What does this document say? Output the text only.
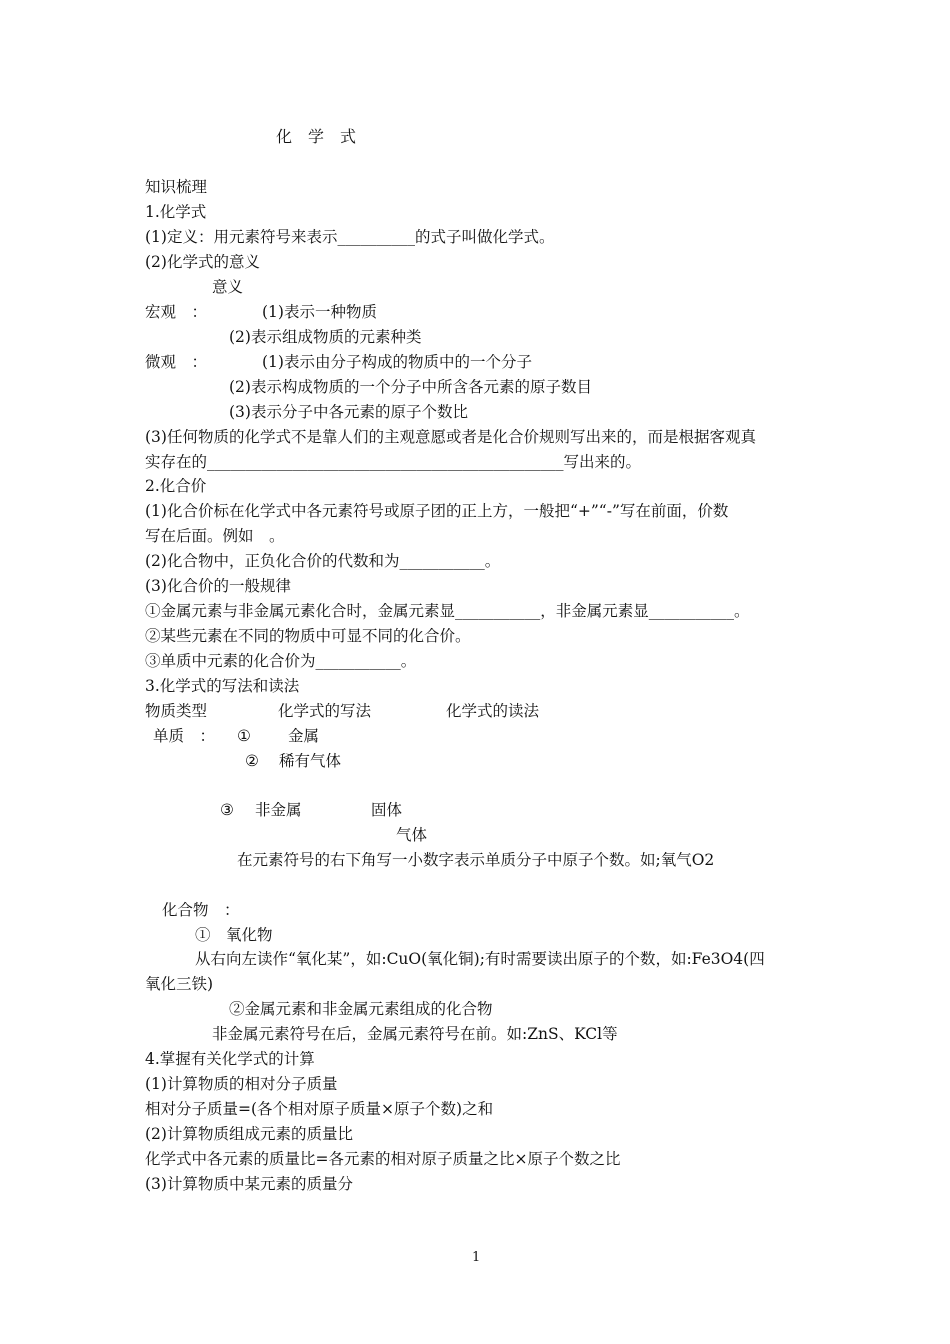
化　学　式
知识梳理
1.化学式
(1)定义：用元素符号来表示__________的式子叫做化学式。
(2)化学式的意义
意义
宏观　：	(1)表示一种物质
(2)表示组成物质的元素种类
微观　：	(1)表示由分子构成的物质中的一个分子
(2)表示构成物质的一个分子中所含各元素的原子数目
(3)表示分子中各元素的原子个数比
(3)任何物质的化学式不是靠人们的主观意愿或者是化合价规则写出来的，而是根据客观真
实存在的______________________________________________写出来的。
2.化合价
(1)化合价标在化学式中各元素符号或原子团的正上方，一般把“+”“-”写在前面，价数
写在后面。例如　。
(2)化合物中，正负化合价的代数和为___________。
(3)化合价的一般规律
①金属元素与非金属元素化合时，金属元素显___________，非金属元素显___________。
②某些元素在不同的物质中可显不同的化合价。
③单质中元素的化合价为___________。
3.化学式的写法和读法
物质类型	化学式的写法	化学式的读法
单质　： ① 金属
② 稀有气体
③ 非金属	固体
气体
在元素符号的右下角写一小数字表示单质分子中原子个数。如;氧气O2
化合物　：
①　氧化物
从右向左读作“氧化某”，如:CuO(氧化铜);有时需要读出原子的个数，如:Fe3O4(四
氧化三铁)
②金属元素和非金属元素组成的化合物
非金属元素符号在后，金属元素符号在前。如:ZnS、KCl等
4.掌握有关化学式的计算
(1)计算物质的相对分子质量
相对分子质量=(各个相对原子质量×原子个数)之和
(2)计算物质组成元素的质量比
化学式中各元素的质量比=各元素的相对原子质量之比×原子个数之比
(3)计算物质中某元素的质量分
1
